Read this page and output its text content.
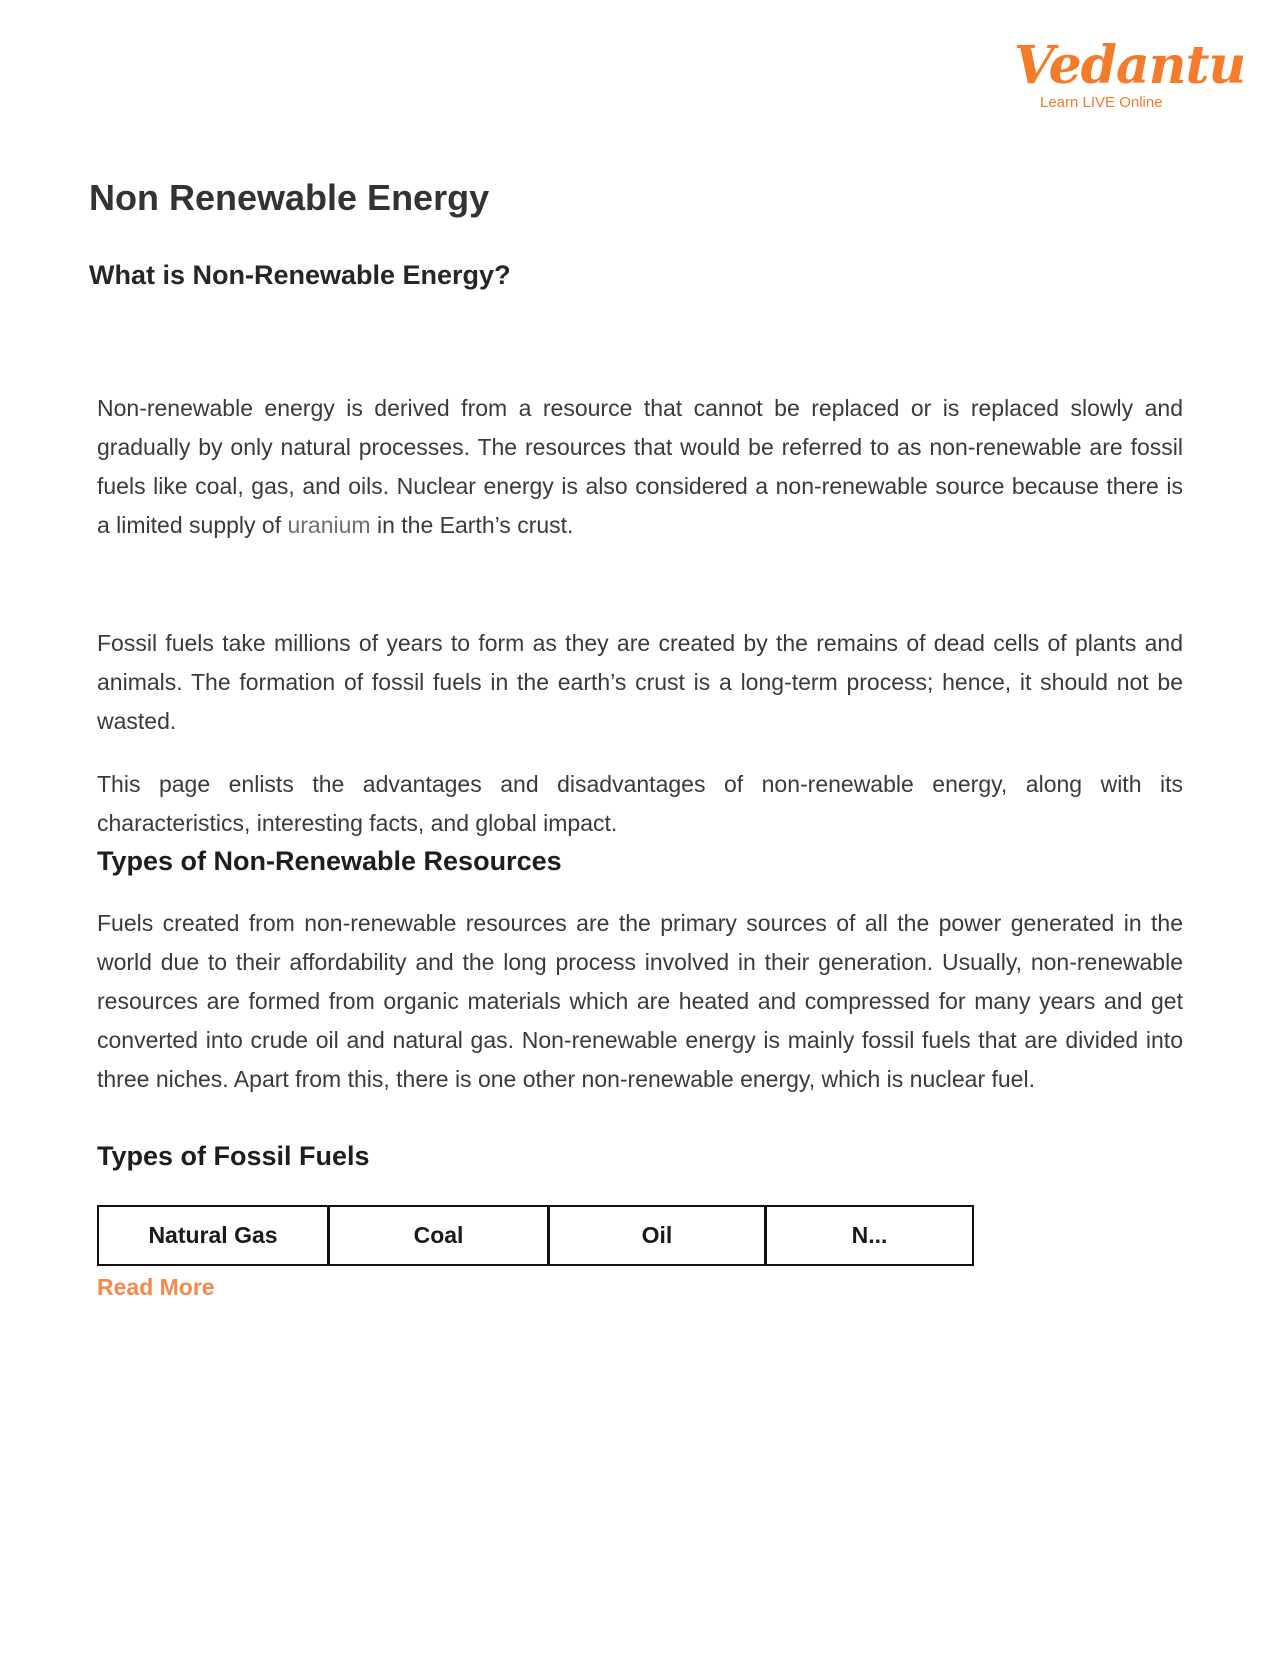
Vedantu
Learn LIVE Online
Non Renewable Energy
What is Non-Renewable Energy?

Non-renewable energy is derived from a resource that cannot be replaced or is replaced slowly and gradually by only natural processes. The resources that would be referred to as non-renewable are fossil fuels like coal, gas, and oils. Nuclear energy is also considered a non-renewable source because there is a limited supply of uranium in the Earth’s crust.

Fossil fuels take millions of years to form as they are created by the remains of dead cells of plants and animals. The formation of fossil fuels in the earth’s crust is a long-term process; hence, it should not be wasted.

This page enlists the advantages and disadvantages of non-renewable energy, along with its characteristics, interesting facts, and global impact.

Types of Non-Renewable Resources

Fuels created from non-renewable resources are the primary sources of all the power generated in the world due to their affordability and the long process involved in their generation. Usually, non-renewable resources are formed from organic materials which are heated and compressed for many years and get converted into crude oil and natural gas. Non-renewable energy is mainly fossil fuels that are divided into three niches. Apart from this, there is one other non-renewable energy, which is nuclear fuel.

Types of Fossil Fuels
Natural Gas	Coal	Oil	N...
Read More
